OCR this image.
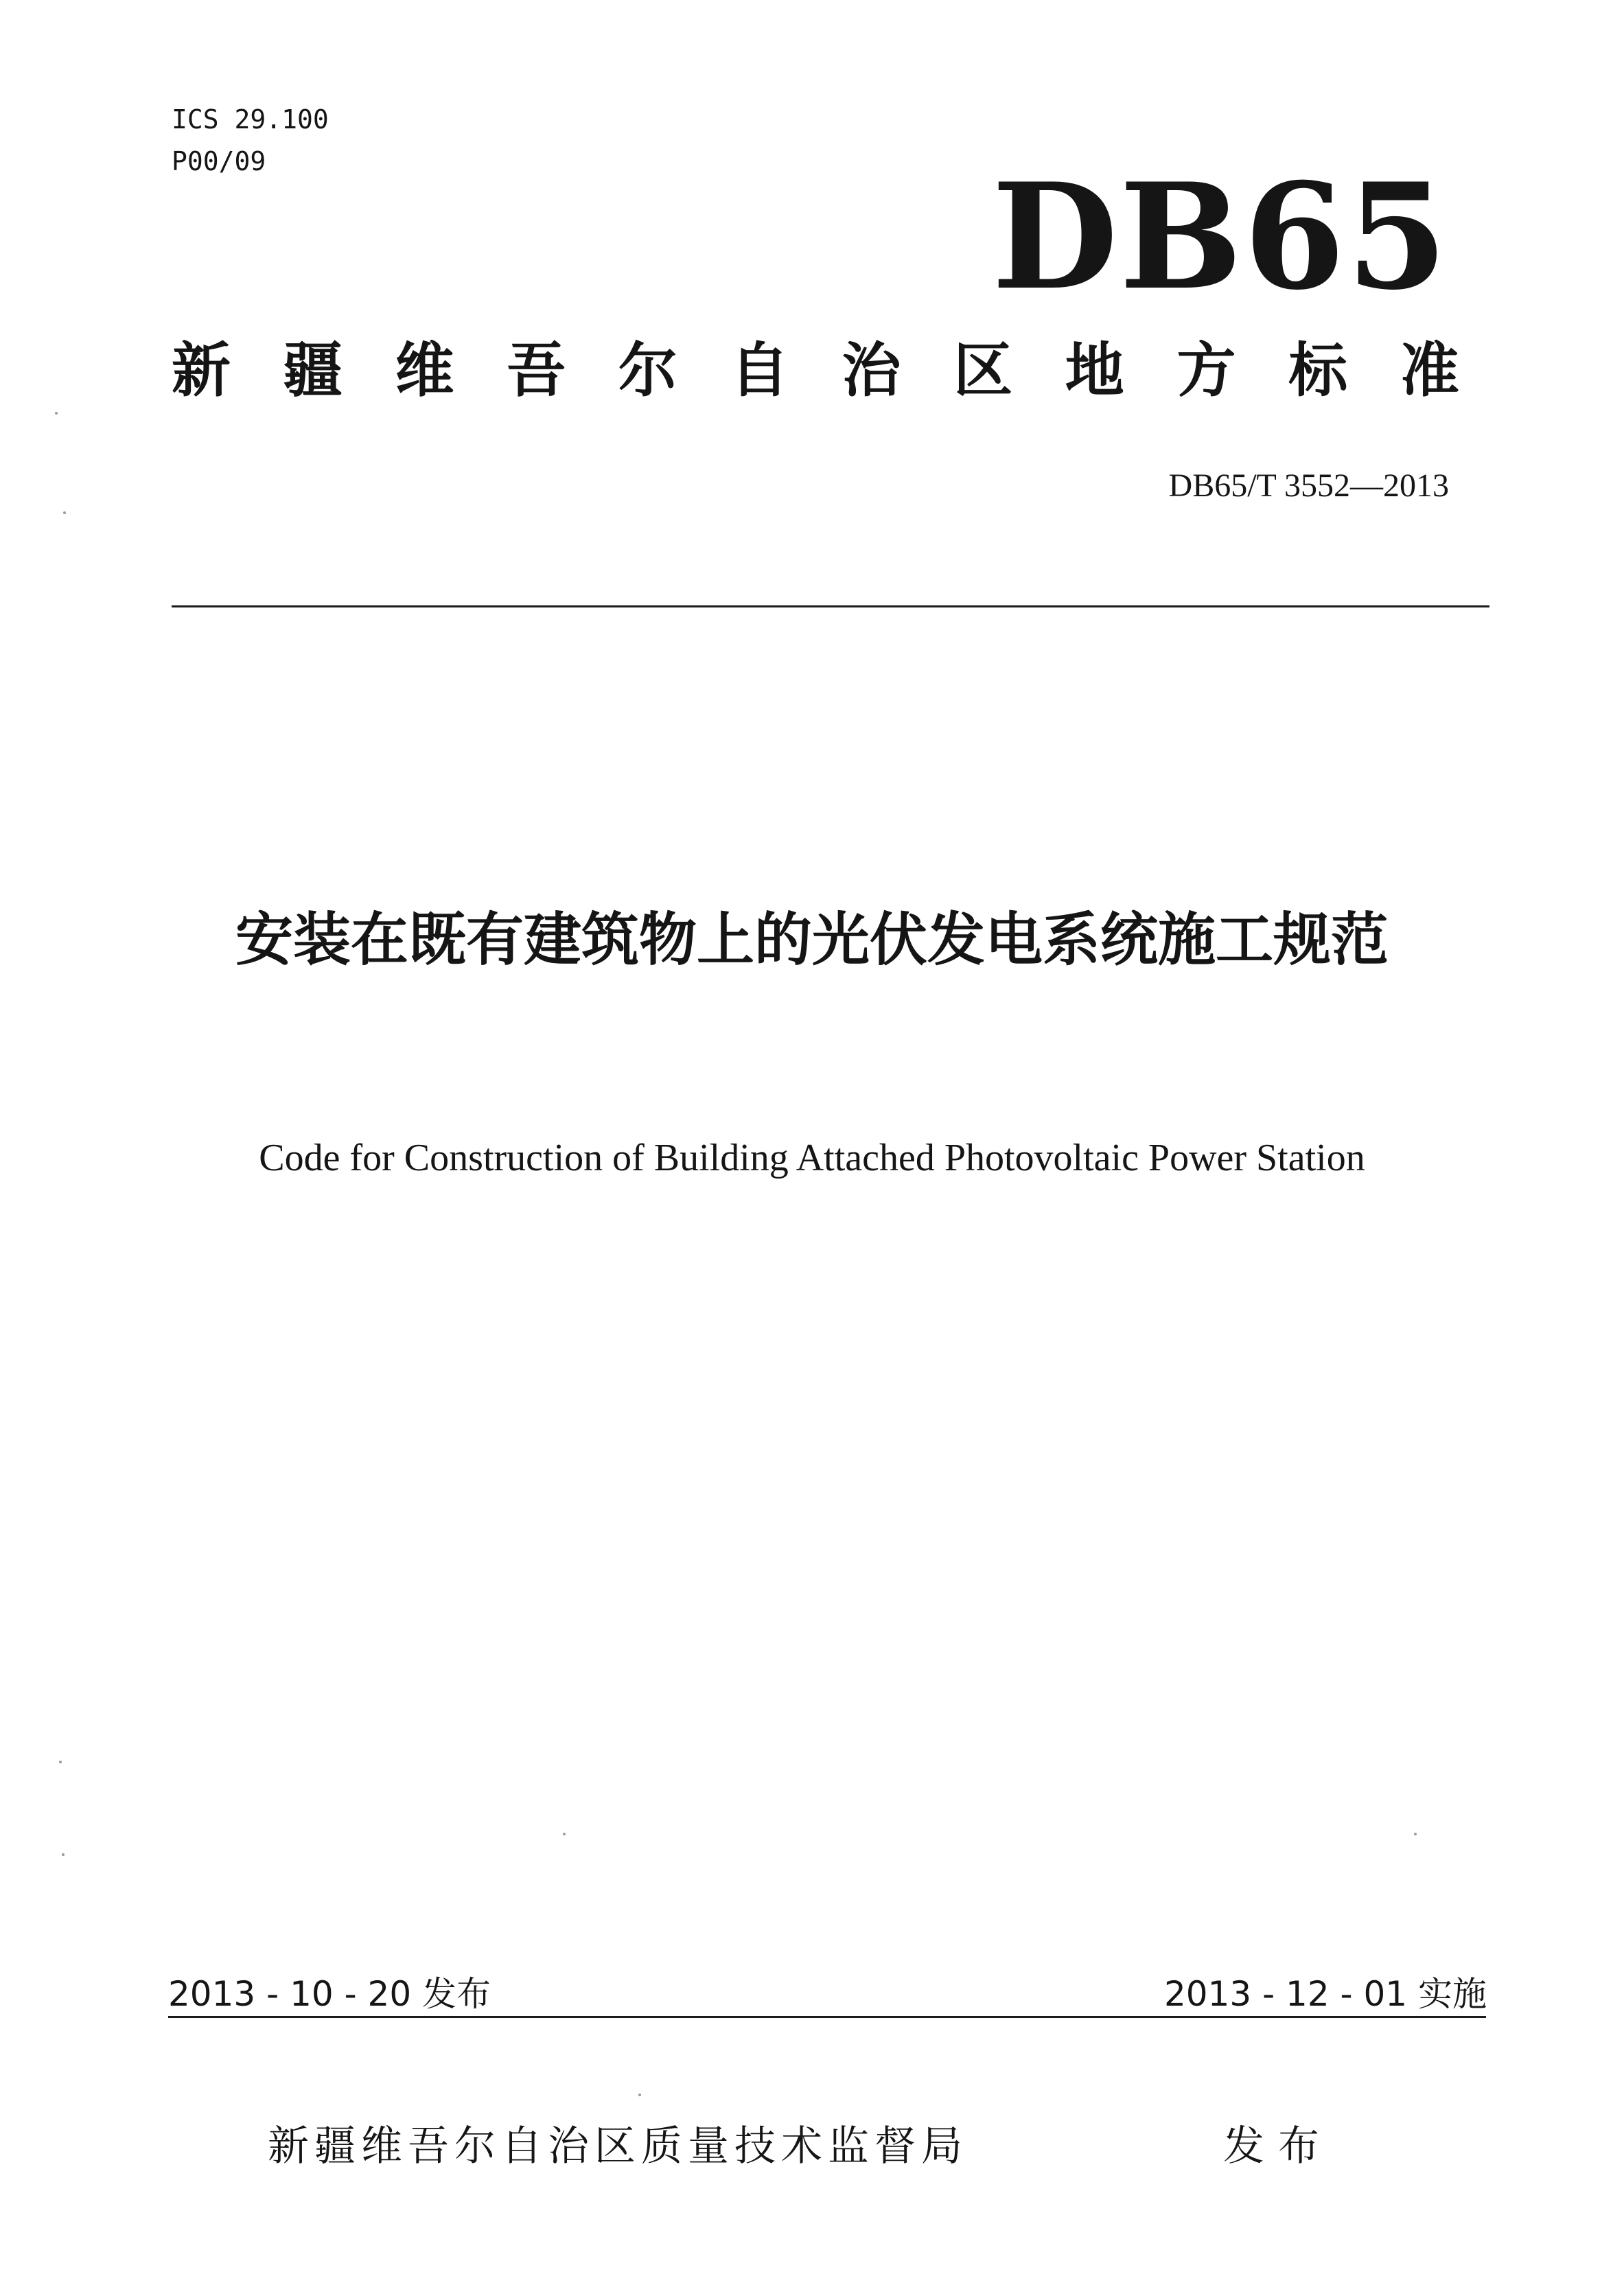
ICS 29.100
P00/09	DB65
新 疆 维 吾 尔 自 治 区 地 方 标 准
DB65/T 3552—2013
安装在既有建筑物上的光伏发电系统施工规范
Code for Construction of Building Attached Photovoltaic Power Station
2013 - 10 - 20 发布	2013 - 12 - 01 实施
新疆维吾尔自治区质量技术监督局	发布
